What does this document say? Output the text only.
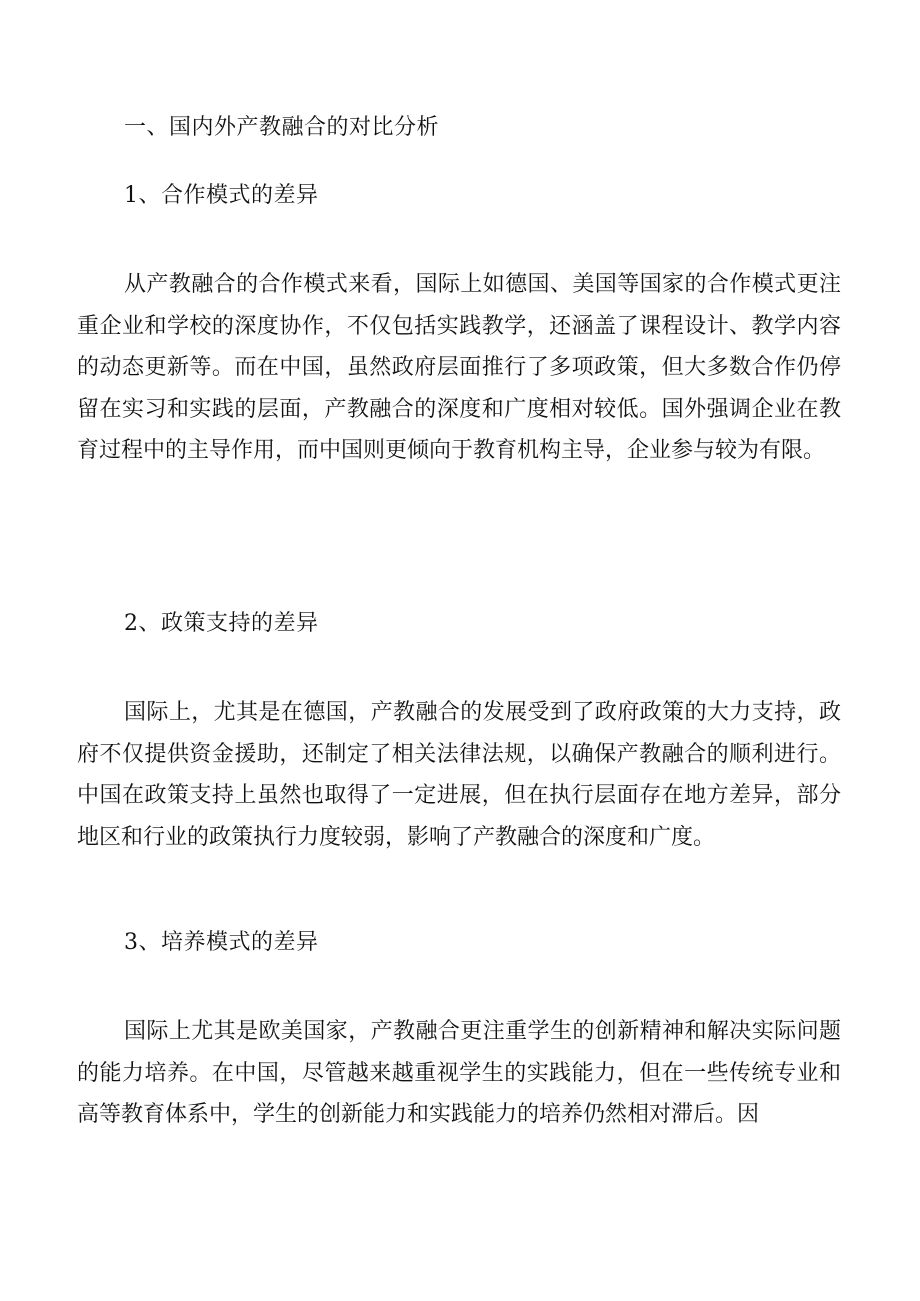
一、国内外产教融合的对比分析
1、合作模式的差异

从产教融合的合作模式来看，国际上如德国、美国等国家的合作模式更注重企业和学校的深度协作，不仅包括实践教学，还涵盖了课程设计、教学内容的动态更新等。而在中国，虽然政府层面推行了多项政策，但大多数合作仍停留在实习和实践的层面，产教融合的深度和广度相对较低。国外强调企业在教育过程中的主导作用，而中国则更倾向于教育机构主导，企业参与较为有限。

2、政策支持的差异

国际上，尤其是在德国，产教融合的发展受到了政府政策的大力支持，政府不仅提供资金援助，还制定了相关法律法规，以确保产教融合的顺利进行。中国在政策支持上虽然也取得了一定进展，但在执行层面存在地方差异，部分地区和行业的政策执行力度较弱，影响了产教融合的深度和广度。

3、培养模式的差异

国际上尤其是欧美国家，产教融合更注重学生的创新精神和解决实际问题的能力培养。在中国，尽管越来越重视学生的实践能力，但在一些传统专业和高等教育体系中，学生的创新能力和实践能力的培养仍然相对滞后。因
